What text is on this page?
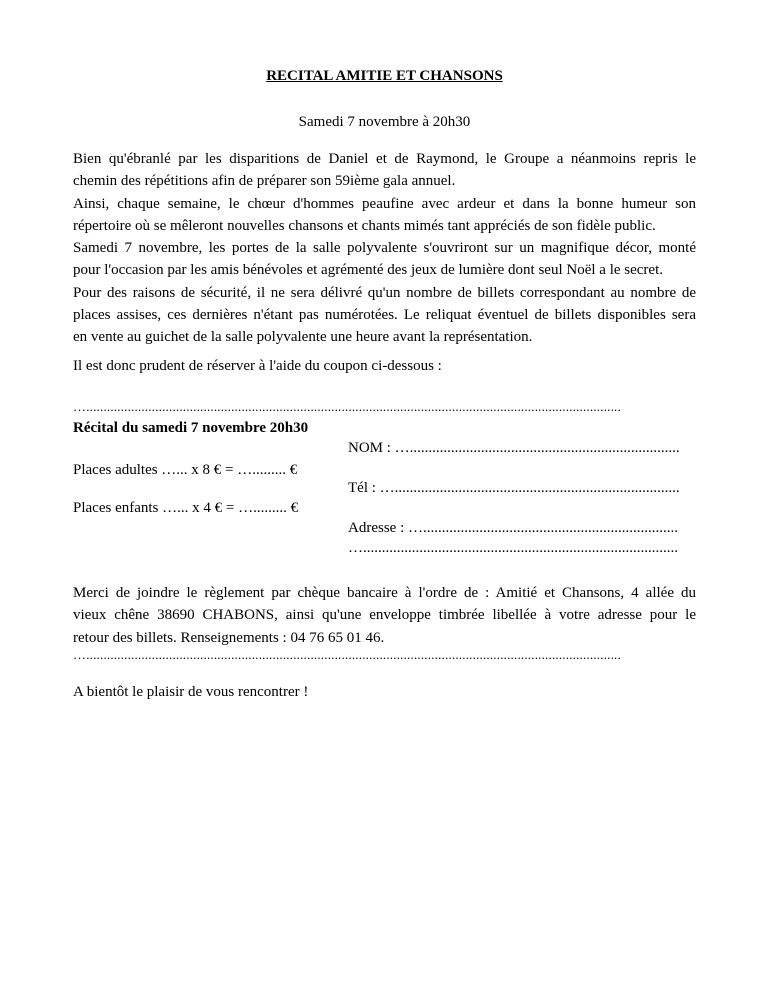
RECITAL AMITIE ET CHANSONS

Samedi 7 novembre à 20h30

Bien qu'ébranlé par les disparitions de Daniel et de Raymond, le Groupe a néanmoins repris le
chemin des répétitions afin de préparer son 59ième gala annuel.
Ainsi, chaque semaine, le chœur d'hommes peaufine avec ardeur et dans la bonne humeur son
répertoire où se mêleront nouvelles chansons et chants mimés tant appréciés de son fidèle public.
Samedi 7 novembre, les portes de la salle polyvalente s'ouvriront sur un magnifique décor, monté
pour l'occasion par les amis bénévoles et agrémenté des jeux de lumière dont seul Noël a le secret.
Pour des raisons de sécurité, il ne sera délivré qu'un nombre de billets correspondant au nombre de
places assises, ces dernières n'étant pas numérotées. Le reliquat éventuel de billets disponibles sera
en vente au guichet de la salle polyvalente une heure avant la représentation.

Il est donc prudent de réserver à l'aide du coupon ci-dessous :

…...........................................................................................................................................................

Récital du samedi 7 novembre 20h30

NOM : …........................................................................
Places adultes …... x 8 € = …......... €
Tél : …............................................................................
Places enfants …... x 4 € = …......... €
Adresse : …....................................................................
…....................................................................................

Merci de joindre le règlement par chèque bancaire à l'ordre de : Amitié et Chansons, 4 allée du
vieux chêne 38690 CHABONS, ainsi qu'une enveloppe timbrée libellée à votre adresse pour le
retour des billets. Renseignements : 04 76 65 01 46.

…...........................................................................................................................................................

A bientôt le plaisir de vous rencontrer !
